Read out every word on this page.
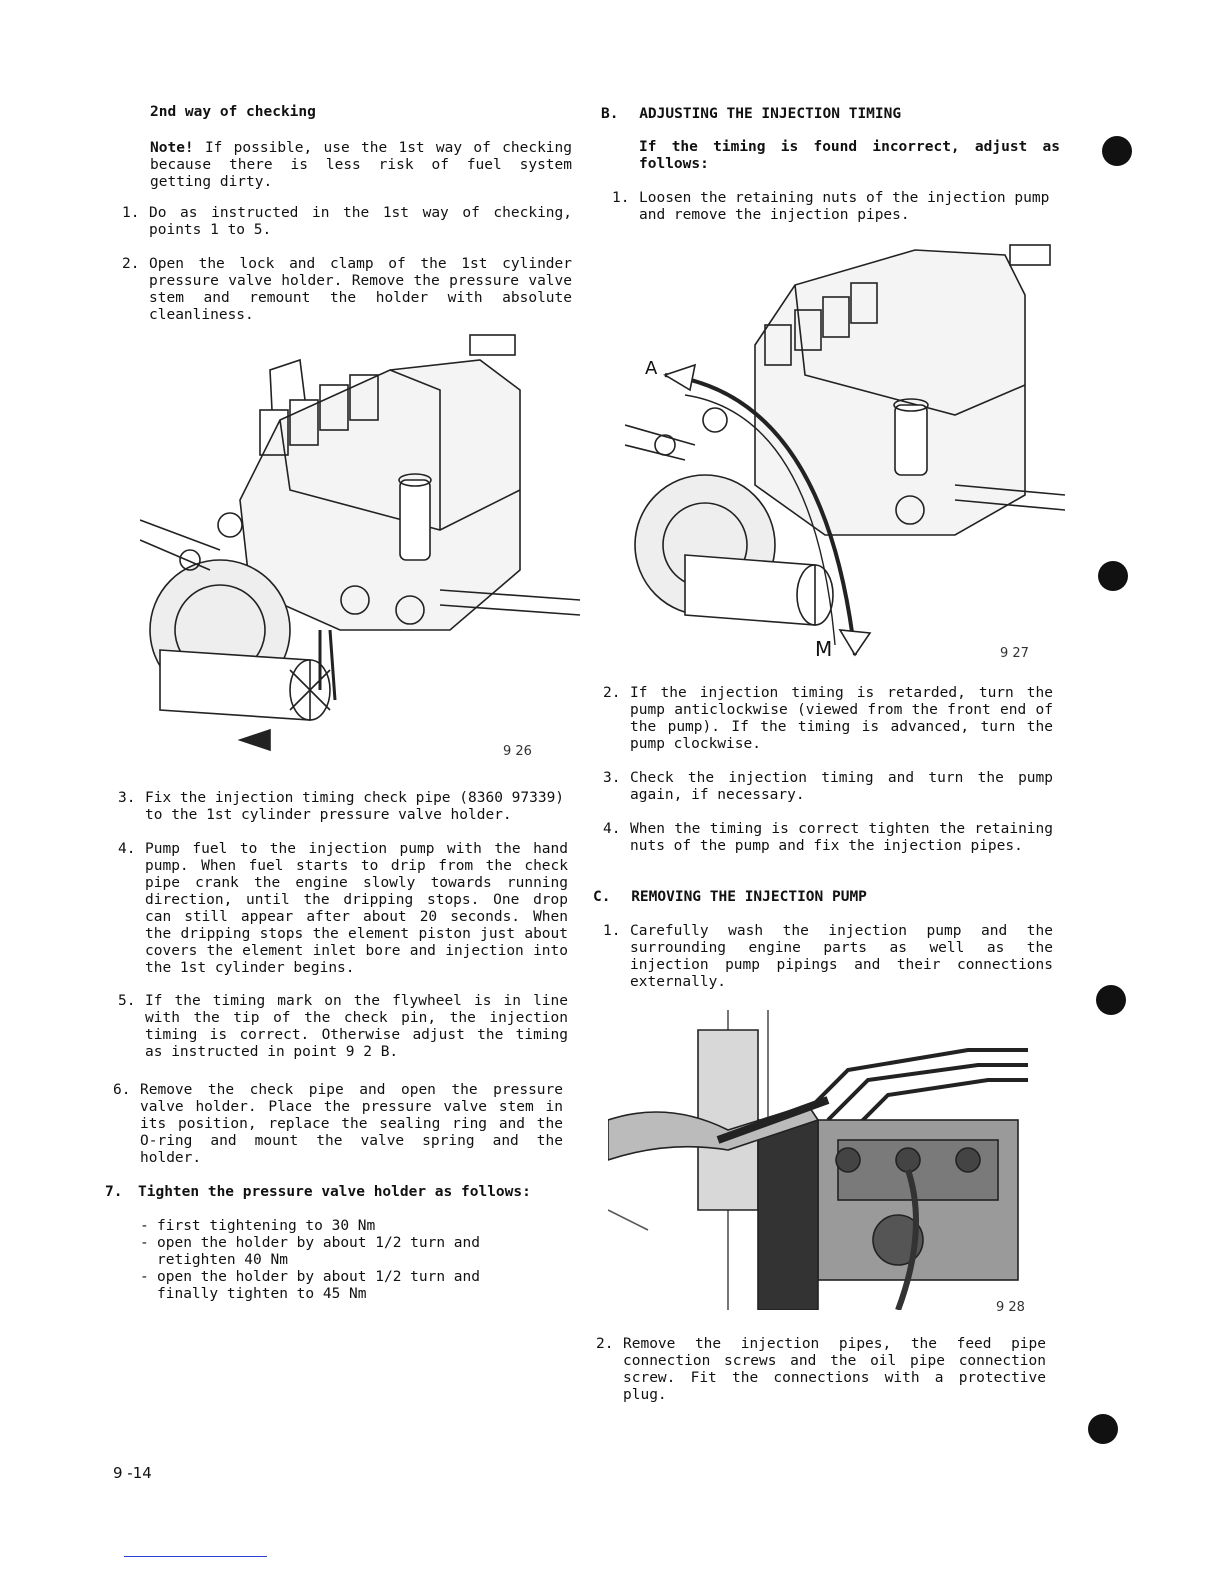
2nd way of checking
Note! If possible, use the 1st way of checking because there is less risk of fuel system getting dirty.
1. Do as instructed in the 1st way of checking, points 1 to 5.
2. Open the lock and clamp of the 1st cylinder pressure valve holder. Remove the pressure valve stem and remount the holder with absolute cleanliness.
9 26
3. Fix the injection timing check pipe (8360 97339) to the 1st cylinder pressure valve holder.
4. Pump fuel to the injection pump with the hand pump. When fuel starts to drip from the check pipe crank the engine slowly towards running direction, until the dripping stops. One drop can still appear after about 20 seconds. When the dripping stops the element piston just about covers the element inlet bore and injection into the 1st cylinder begins.
5. If the timing mark on the flywheel is in line with the tip of the check pin, the injection timing is correct. Otherwise adjust the timing as instructed in point 9 2 B.
6. Remove the check pipe and open the pressure valve holder. Place the pressure valve stem in its position, replace the sealing ring and the O-ring and mount the valve spring and the holder.
7. Tighten the pressure valve holder as follows:
- first tightening to 30 Nm
- open the holder by about 1/2 turn and retighten 40 Nm
- open the holder by about 1/2 turn and finally tighten to 45 Nm
B. ADJUSTING THE INJECTION TIMING
If the timing is found incorrect, adjust as follows:
1. Loosen the retaining nuts of the injection pump and remove the injection pipes.
A
M	9 27
2. If the injection timing is retarded, turn the pump anticlockwise (viewed from the front end of the pump). If the timing is advanced, turn the pump clockwise.
3. Check the injection timing and turn the pump again, if necessary.
4. When the timing is correct tighten the retaining nuts of the pump and fix the injection pipes.
C. REMOVING THE INJECTION PUMP
1. Carefully wash the injection pump and the surrounding engine parts as well as the injection pump pipings and their connections externally.
9 28
2. Remove the injection pipes, the feed pipe connection screws and the oil pipe connection screw. Fit the connections with a protective plug.
9 -14
